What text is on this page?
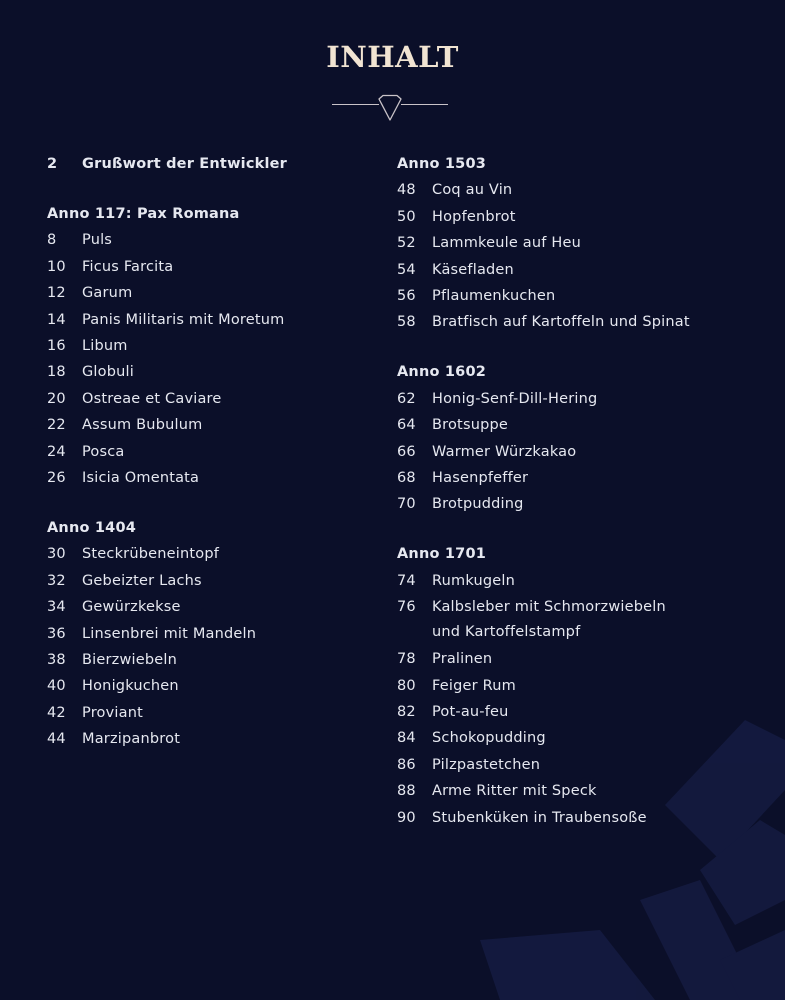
INHALT
2	Grußwort der Entwickler
Anno 117: Pax Romana
8	Puls
10	Ficus Farcita
12	Garum
14	Panis Militaris mit Moretum
16	Libum
18	Globuli
20	Ostreae et Caviare
22	Assum Bubulum
24	Posca
26	Isicia Omentata
Anno 1404
30	Steckrübeneintopf
32	Gebeizter Lachs
34	Gewürzkekse
36	Linsenbrei mit Mandeln
38	Bierzwiebeln
40	Honigkuchen
42	Proviant
44	Marzipanbrot
Anno 1503
48	Coq au Vin
50	Hopfenbrot
52	Lammkeule auf Heu
54	Käsefladen
56	Pflaumenkuchen
58	Bratfisch auf Kartoffeln und Spinat
Anno 1602
62	Honig-Senf-Dill-Hering
64	Brotsuppe
66	Warmer Würzkakao
68	Hasenpfeffer
70	Brotpudding
Anno 1701
74	Rumkugeln
76	Kalbsleber mit Schmorzwiebeln und Kartoffelstampf
78	Pralinen
80	Feiger Rum
82	Pot-au-feu
84	Schokopudding
86	Pilzpastetchen
88	Arme Ritter mit Speck
90	Stubenküken in Traubensoße
